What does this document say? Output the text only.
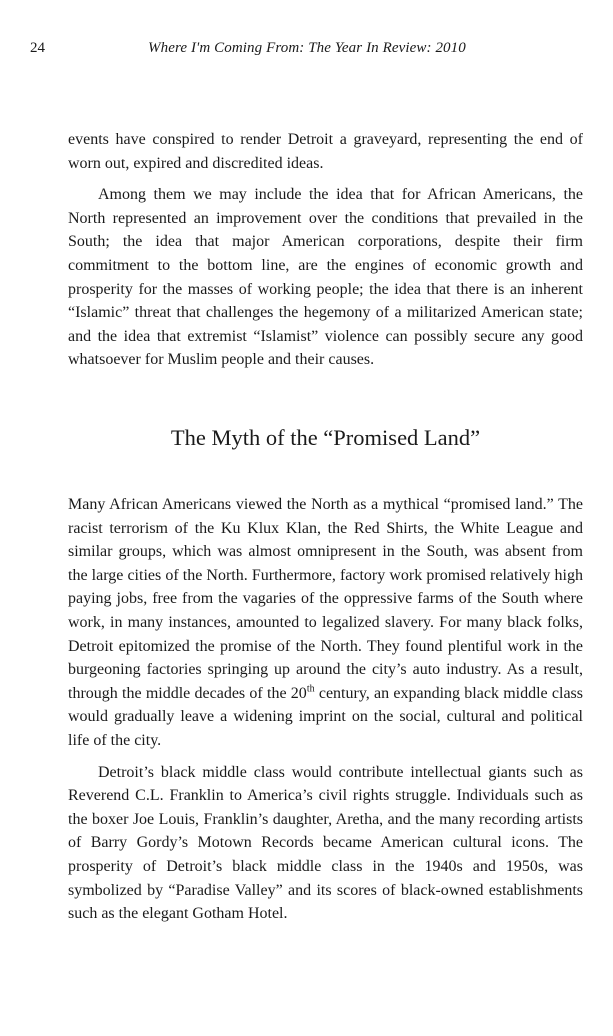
24	Where I'm Coming From: The Year In Review: 2010

events have conspired to render Detroit a graveyard, representing the end of worn out, expired and discredited ideas.

Among them we may include the idea that for African Americans, the North represented an improvement over the conditions that prevailed in the South; the idea that major American corporations, despite their firm commitment to the bottom line, are the engines of economic growth and prosperity for the masses of working people; the idea that there is an inherent “Islamic” threat that challenges the hegemony of a militarized American state; and the idea that extremist “Islamist” violence can possibly secure any good whatsoever for Muslim people and their causes.

The Myth of the “Promised Land”

Many African Americans viewed the North as a mythical “promised land.” The racist terrorism of the Ku Klux Klan, the Red Shirts, the White League and similar groups, which was almost omnipresent in the South, was absent from the large cities of the North. Furthermore, factory work promised relatively high paying jobs, free from the vagaries of the oppressive farms of the South where work, in many instances, amounted to legalized slavery. For many black folks, Detroit epitomized the promise of the North. They found plentiful work in the burgeoning factories springing up around the city’s auto industry. As a result, through the middle decades of the 20th century, an expanding black middle class would gradually leave a widening imprint on the social, cultural and political life of the city.

Detroit’s black middle class would contribute intellectual giants such as Reverend C.L. Franklin to America’s civil rights struggle. Individuals such as the boxer Joe Louis, Franklin’s daughter, Aretha, and the many recording artists of Barry Gordy’s Motown Records became American cultural icons. The prosperity of Detroit’s black middle class in the 1940s and 1950s, was symbolized by “Paradise Valley” and its scores of black-owned establishments such as the elegant Gotham Hotel.
